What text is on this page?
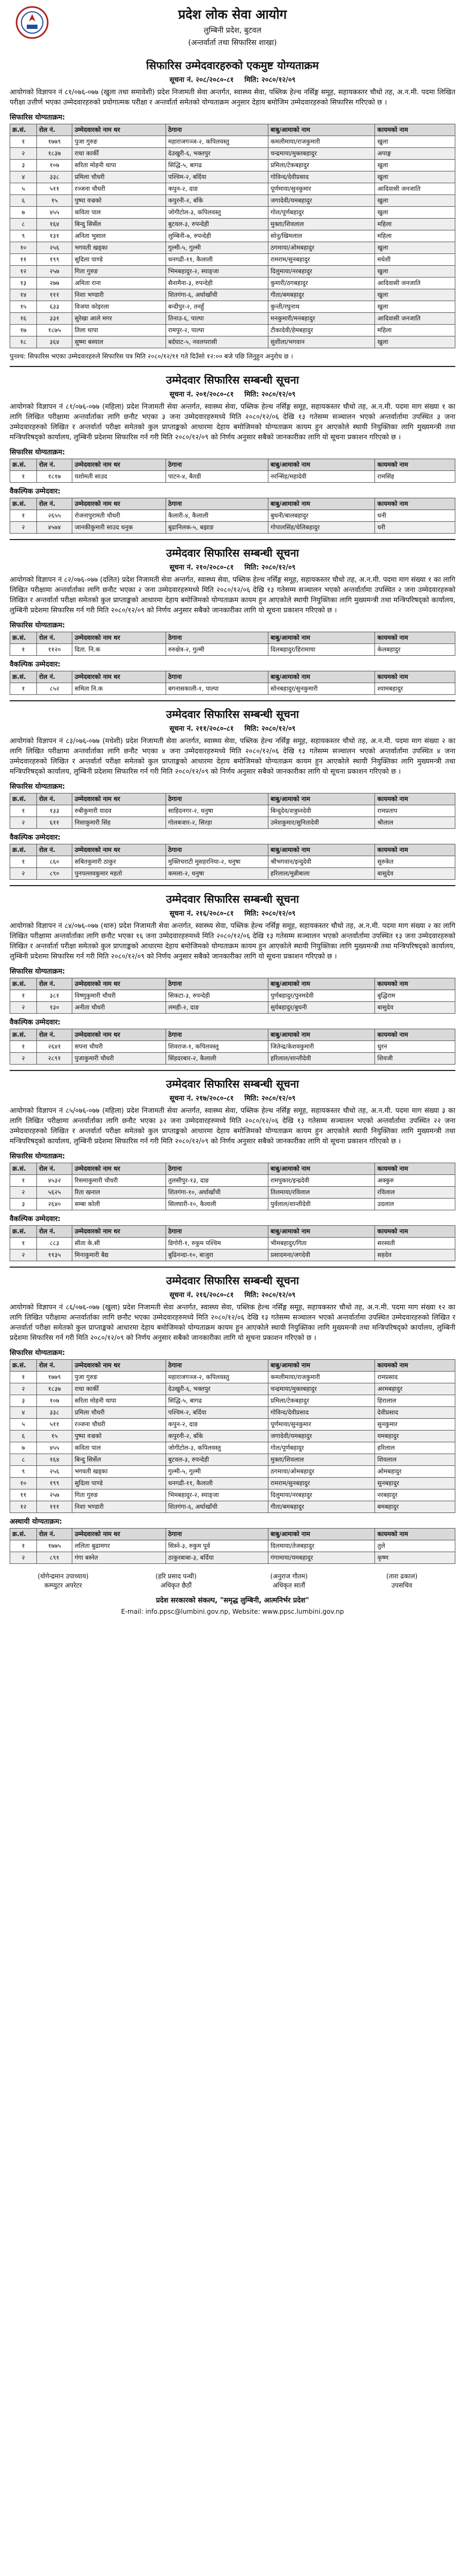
प्रदेश लोक सेवा आयोग
लुम्बिनी प्रदेश, बुटवल
(अन्तर्वार्ता तथा सिफारिस शाखा)
सिफारिस उम्मेदवारहरुको एकमुष्ट योग्यताक्रम
सूचना नं. २०८/२०८०-८१ मिति: २०८०/१२/०९

आयोगको विज्ञापन नं ८१/०७६-०७७ (खुला तथा समावेशी) प्रदेश निजामती सेवा अन्तर्गत, स्वास्थ्य सेवा, पब्लिक हेल्थ नर्सिङ्ग समूह, सहायकस्तर चौथो तह, अ.न.मी. पदमा लिखित परीक्षा उत्तीर्ण भएका उम्मेदवारहरुको प्रयोगात्मक परीक्षा र अन्तर्वार्ता समेतको योग्यताक्रम अनुसार देहाय बमोजिम उम्मेदवारहरुको सिफारिस गरिएको छ ।

सिफारिस योग्यताक्रम:
क्र.सं.	रोल नं.	उम्मेदवारको नाम थर	ठेगाना	बाबु/आमाको नाम	कायमको नाम
१	१७७९	पुजा गुरुङ	महाराजगञ्ज-२, कपिलवस्तु	कमलीमाया/राजकुमारी	खुला
२	१८३७	राधा कार्की	देउखुरी-६, भक्तपुर	चन्द्रमाया/मुक्तबहादुर	अपाङ्ग
३	१०७	सरिता मोहनी थापा	सिद्धि-५, बागढ	प्रमिला/टेकबहादुर	खुला
४	३३८	प्रमिला चौधरी	पश्चिम-२, बर्दिया	गोविन्द/देवीप्रसाद	खुला
५	५११	रञ्जना चौधरी	कपुन-२, दाङ	पूर्णमाया/सुनकुमार	आदिवासी जनजाति
६	१५	पुष्पा वज्रको	कपुरनी-२, बाँके	जगादेवी/यमबहादुर	खुला
७	४५५	कविता पाल	जोगीटोल-३, कपिलवस्तु	गोल/पूर्णबहादुर	खुला
८	१६४	बिन्दु सिर्सेल	बुटवल-३, रुपन्देही	मुक्ता/शिवलाल	महिला
९	१३१	अनिता भुसाल	लुम्बिनी-७, रुपन्देही	सोनु/खिमलाल	महिला
१०	२५६	भगवती खड्का	गुल्मी-५, गुल्मी	ठगमाया/ओमबहादुर	खुला
११	१९९	सुदिला पाण्डे	धनगढी-११, कैलाली	रामराम/सुनबहादुर	मधेशी
१२	२५७	गिता गुरुङ	भिमबहादुर-२, स्याङ्जा	दिलुमाया/नरबहादुर	खुला
१३	२७७	अमिता राना	सैनामैना-३, रुपन्देही	कुमारी/ठगबहादुर	आदिवासी जनजाति
१४	१११	निशा भण्डारी	शितगंगा-६, अर्घाखाँची	गीता/बमबहादुर	खुला
१५	६३३	विजया कोइरला	बन्दीपुर-२, तनहुँ	कुन्ती/रघुनाथ	खुला
१६	३३१	सुरेखा आले मगर	तिनाउ-६, पाल्पा	मनकुमारी/मनबहादुर	आदिवासी जनजाति
१७	१८७५	तिला थापा	रामपुर-२, पाल्पा	टीकादेवी/हेमबहादुर	महिला
१८	३६४	सुष्मा बस्याल	बर्दघाट-५, नवलपरासी	सुशीला/भगवान	खुला
पुनश्च: सिफारिस भएका उम्मेदवारहरुले सिफारिस पत्र मिति २०८०/१२/११ गते दिउँसो १२:०० बजे पछि लिनुहुन अनुरोध छ ।
उम्मेदवार सिफारिस सम्बन्धी सूचना
सूचना नं. २०१/२०८०-८१ मिति: २०८०/१२/०९

आयोगको विज्ञापन नं ८१/०७६-०७७ (महिला) प्रदेश निजामती सेवा अन्तर्गत, स्वास्थ्य सेवा, पब्लिक हेल्थ नर्सिङ्ग समूह, सहायकस्तर चौथो तह, अ.न.मी. पदमा माग संख्या १ का लागि लिखित परीक्षामा अन्तर्वार्ताका लागि छनौट भएका ३ जना उम्मेदवारहरुमध्ये मिति २०८०/१२/०६ देखि १३ गतेसम्म सञ्चालन भएको अन्तर्वार्तामा उपस्थित ३ जना उम्मेदवारहरुको लिखित र अन्तर्वार्ता परीक्षा समेतको कुल प्राप्ताङ्कको आधारमा देहाय बमोजिमको योग्यताक्रम कायम हुन आएकोले स्थायी नियुक्तिका लागि मुख्यमन्त्री तथा मन्त्रिपरिषद्को कार्यालय, लुम्बिनी प्रदेशमा सिफारिस गर्न गरी मिति २०८०/१२/०९ को निर्णय अनुसार सबैको जानकारीका लागि यो सूचना प्रकाशन गरिएको छ ।

सिफारिस योग्यताक्रम:
क्र.सं.	रोल नं.	उम्मेदवारको नाम थर	ठेगाना	बाबु/आमाको नाम	कायमको नाम
१	१८१७	यशोमती साउद	पाटन-४, बैतडी	नरन्सिंह/महादेवी	रामसिंह
वैकल्पिक उम्मेदवार:
क्र.सं.	रोल नं.	उम्मेदवारको नाम थर	ठेगाना	बाबु/आमाको नाम	कायमको नाम
१	२६५५	रोजनापुरामती चौधरी	कैलारी-४, कैलाली	बुधनी/बालबहादुर	धनी
२	४५७४	जानकीकुमारी साउद धनुक	बुढानिलक-५, बझाङ	गोपालसिंह/धेलिबहादुर	धरी
उम्मेदवार सिफारिस सम्बन्धी सूचना
सूचना नं. २१०/२०८०-८१ मिति: २०८०/१२/०९

आयोगको विज्ञापन नं ८२/०७६-०७७ (दलित) प्रदेश निजामती सेवा अन्तर्गत, स्वास्थ्य सेवा, पब्लिक हेल्थ नर्सिङ्ग समूह, सहायकस्तर चौथो तह, अ.न.मी. पदमा माग संख्या १ का लागि लिखित परीक्षामा अन्तर्वार्ताका लागि छनौट भएका २ जना उम्मेदवारहरुमध्ये मिति २०८०/१२/०६ देखि १३ गतेसम्म सञ्चालन भएको अन्तर्वार्तामा उपस्थित २ जना उम्मेदवारहरुको लिखित र अन्तर्वार्ता परीक्षा समेतको कुल प्राप्ताङ्कको आधारमा देहाय बमोजिमको योग्यताक्रम कायम हुन आएकोले स्थायी नियुक्तिका लागि मुख्यमन्त्री तथा मन्त्रिपरिषद्को कार्यालय, लुम्बिनी प्रदेशमा सिफारिस गर्न गरी मिति २०८०/१२/०९ को निर्णय अनुसार सबैको जानकारीका लागि यो सूचना प्रकाशन गरिएको छ ।

सिफारिस योग्यताक्रम:
क्र.सं.	रोल नं.	उम्मेदवारको नाम थर	ठेगाना	बाबु/आमाको नाम	कायमको नाम
१	११२०	दिता. नि.क	रुरुक्षेत्र-२, गुल्मी	दिलबहादुर/हिरामाया	केलबहादुर
वैकल्पिक उम्मेदवार:
क्र.सं.	रोल नं.	उम्मेदवारको नाम थर	ठेगाना	बाबु/आमाको नाम	कायमको नाम
१	८५२	समिता नि.क	बगनासकाली-१, पाल्पा	सोनबहादुर/सुनकुमारी	श्यामबहादुर
उम्मेदवार सिफारिस सम्बन्धी सूचना
सूचना नं. २११/२०८०-८१ मिति: २०८०/१२/०९

आयोगको विज्ञापन नं ८३/०७६-०७७ (मधेशी) प्रदेश निजामती सेवा अन्तर्गत, स्वास्थ्य सेवा, पब्लिक हेल्थ नर्सिङ्ग समूह, सहायकस्तर चौथो तह, अ.न.मी. पदमा माग संख्या २ का लागि लिखित परीक्षामा अन्तर्वार्ताका लागि छनौट भएका ४ जना उम्मेदवारहरुमध्ये मिति २०८०/१२/०६ देखि १३ गतेसम्म सञ्चालन भएको अन्तर्वार्तामा उपस्थित ४ जना उम्मेदवारहरुको लिखित र अन्तर्वार्ता परीक्षा समेतको कुल प्राप्ताङ्कको आधारमा देहाय बमोजिमको योग्यताक्रम कायम हुन आएकोले स्थायी नियुक्तिका लागि मुख्यमन्त्री तथा मन्त्रिपरिषद्को कार्यालय, लुम्बिनी प्रदेशमा सिफारिस गर्न गरी मिति २०८०/१२/०९ को निर्णय अनुसार सबैको जानकारीका लागि यो सूचना प्रकाशन गरिएको छ ।

सिफारिस योग्यताक्रम:
क्र.सं.	रोल नं.	उम्मेदवारको नाम थर	ठेगाना	बाबु/आमाको नाम	कायमको नाम
१	१३३	रुबीकुमारी यादव	साहिदनगर-२, धनुषा	बिन्दुदेव/शत्रुघ्नदेवी	रामप्रताप
२	६११	निसाकुमारी सिंह	गोलबजार-२, सिरहा	उमेशकुमार/सुनितादेवी	श्रीलाल
वैकल्पिक उम्मेदवार:
क्र.सं.	रोल नं.	उम्मेदवारको नाम थर	ठेगाना	बाबु/आमाको नाम	कायमको नाम
१	८६०	सबितकुमारी ठाकुर	मुक्तिचराटी मुसहरनिया-२, धनुषा	श्रीभगवान/इन्दुदेवी	सुरुकेत
२	८९०	पुनपल्लवकुमार महतो	कमला-२, धनुषा	हरिलाल/मुन्नीबाला	बासुदेव
उम्मेदवार सिफारिस सम्बन्धी सूचना
सूचना नं. २१६/२०८०-८१ मिति: २०८०/१२/०९

आयोगको विज्ञापन नं ८४/०७६-०७७ (थारु) प्रदेश निजामती सेवा अन्तर्गत, स्वास्थ्य सेवा, पब्लिक हेल्थ नर्सिङ्ग समूह, सहायकस्तर चौथो तह, अ.न.मी. पदमा माग संख्या २ का लागि लिखित परीक्षामा अन्तर्वार्ताका लागि छनौट भएका १६ जना उम्मेदवारहरुमध्ये मिति २०८०/१२/०६ देखि १३ गतेसम्म सञ्चालन भएको अन्तर्वार्तामा उपस्थित १३ जना उम्मेदवारहरुको लिखित र अन्तर्वार्ता परीक्षा समेतको कुल प्राप्ताङ्कको आधारमा देहाय बमोजिमको योग्यताक्रम कायम हुन आएकोले स्थायी नियुक्तिका लागि मुख्यमन्त्री तथा मन्त्रिपरिषद्को कार्यालय, लुम्बिनी प्रदेशमा सिफारिस गर्न गरी मिति २०८०/१२/०९ को निर्णय अनुसार सबैको जानकारीका लागि यो सूचना प्रकाशन गरिएको छ ।

सिफारिस योग्यताक्रम:
क्र.सं.	रोल नं.	उम्मेदवारको नाम थर	ठेगाना	बाबु/आमाको नाम	कायमको नाम
१	३८१	विष्णुकुमारी चौधरी	सिकटा-३, रुपन्देही	पुर्णबहादुर/पुनमदेवी	बुद्धिराम
२	१३०	अनीता चौधरी	लमही-२, दाङ	सुर्यबहादुर/बुधनी	बासुदेव
वैकल्पिक उम्मेदवार:
क्र.सं.	रोल नं.	उम्मेदवारको नाम थर	ठेगाना	बाबु/आमाको नाम	कायमको नाम
१	२६४१	सपना चौधरी	शिवराज-१, कपिलवस्तु	जितेन्द्र/केशवकुमारी	धुरन
२	२८९१	पुजाकुमारी चौधरी	सिंहदरबार-२, कैलाली	हरिलाल/शान्तीदेवी	शिवजी
उम्मेदवार सिफारिस सम्बन्धी सूचना
सूचना नं. २१७/२०८०-८१ मिति: २०८०/१२/०९

आयोगको विज्ञापन नं ८५/०७६-०७७ (महिला) प्रदेश निजामती सेवा अन्तर्गत, स्वास्थ्य सेवा, पब्लिक हेल्थ नर्सिङ्ग समूह, सहायकस्तर चौथो तह, अ.न.मी. पदमा माग संख्या ३ का लागि लिखित परीक्षामा अन्तर्वार्ताका लागि छनौट भएका ३२ जना उम्मेदवारहरुमध्ये मिति २०८०/१२/०६ देखि १३ गतेसम्म सञ्चालन भएको अन्तर्वार्तामा उपस्थित २२ जना उम्मेदवारहरुको लिखित र अन्तर्वार्ता परीक्षा समेतको कुल प्राप्ताङ्कको आधारमा देहाय बमोजिमको योग्यताक्रम कायम हुन आएकोले स्थायी नियुक्तिका लागि मुख्यमन्त्री तथा मन्त्रिपरिषद्को कार्यालय, लुम्बिनी प्रदेशमा सिफारिस गर्न गरी मिति २०८०/१२/०९ को निर्णय अनुसार सबैको जानकारीका लागि यो सूचना प्रकाशन गरिएको छ ।

सिफारिस योग्यताक्रम:
क्र.सं.	रोल नं.	उम्मेदवारको नाम थर	ठेगाना	बाबु/आमाको नाम	कायमको नाम
१	४५३२	रिसमाकुमारी चौधरी	तुलसीपुर-१३, दाङ	रामपुकार/इन्द्रदेवी	अक्कुरु
२	५६२५	रिता खनाल	शितगंगा-१०, अर्घाखाँची	तिलमाया/रविलाल	रविलाल
३	२६४०	सम्बा कोली	सिलघारी-१०, कैलाली	पुर्वलाल/शान्तीदेवी	उदलाल
वैकल्पिक उम्मेदवार:
क्र.सं.	रोल नं.	उम्मेदवारको नाम थर	ठेगाना	बाबु/आमाको नाम	कायमको नाम
१	८८३	सीता के.सी	डिगोरी-१, रुकुम पश्चिम	भीमबहादुर/गिता	सरस्वती
२	११३५	मिनाकुमारी बैद्य	बुढिनन्दा-१०, बाजुरा	प्रसादमना/जगदेवी	सहदेव
उम्मेदवार सिफारिस सम्बन्धी सूचना
सूचना नं. २१६/२०८०-८१ मिति: २०८०/१२/०९

आयोगको विज्ञापन नं ८६/०७६-०७७ (खुला) प्रदेश निजामती सेवा अन्तर्गत, स्वास्थ्य सेवा, पब्लिक हेल्थ नर्सिङ्ग समूह, सहायकस्तर चौथो तह, अ.न.मी. पदमा माग संख्या १२ का लागि लिखित परीक्षामा अन्तर्वार्ताका लागि छनौट भएका उम्मेदवारहरुमध्ये मिति २०८०/१२/०६ देखि १३ गतेसम्म सञ्चालन भएको अन्तर्वार्तामा उपस्थित उम्मेदवारहरुको लिखित र अन्तर्वार्ता परीक्षा समेतको कुल प्राप्ताङ्कको आधारमा देहाय बमोजिमको योग्यताक्रम कायम हुन आएकोले स्थायी नियुक्तिका लागि मुख्यमन्त्री तथा मन्त्रिपरिषद्को कार्यालय, लुम्बिनी प्रदेशमा सिफारिस गर्न गरी मिति २०८०/१२/०९ को निर्णय अनुसार सबैको जानकारीका लागि यो सूचना प्रकाशन गरिएको छ ।

सिफारिस योग्यताक्रम:
क्र.सं.	रोल नं.	उम्मेदवारको नाम थर	ठेगाना	बाबु/आमाको नाम	कायमको नाम
१	१७७९	पुजा गुरुङ	महाराजगञ्ज-२, कपिलवस्तु	कमलीमाया/राजकुमारी	रामप्रसाद
२	१८३७	राधा कार्की	देउखुरी-६, भक्तपुर	चन्द्रमाया/मुक्तबहादुर	अरमबहादुर
३	१०७	सरिता मोहनी थापा	सिद्धि-५, बागढ	प्रमिला/टेकबहादुर	हिरालाल
४	३३८	प्रमिला चौधरी	पश्चिम-२, बर्दिया	गोविन्द/देवीप्रसाद	देवीप्रसाद
५	५११	रञ्जना चौधरी	कपुन-२, दाङ	पूर्णमाया/सुनकुमार	सुनकुमार
६	१५	पुष्पा वज्रको	कपुरनी-२, बाँके	जगादेवी/यमबहादुर	यमबहादुर
७	४५५	कविता पाल	जोगीटोल-३, कपिलवस्तु	गोल/पूर्णबहादुर	हरिलाल
८	१६४	बिन्दु सिर्सेल	बुटवल-३, रुपन्देही	मुक्ता/शिवलाल	शिवलाल
९	२५६	भगवती खड्का	गुल्मी-५, गुल्मी	ठगमाया/ओमबहादुर	ओमबहादुर
१०	१९९	सुदिला पाण्डे	धनगढी-११, कैलाली	रामराम/सुनबहादुर	सुनबहादुर
११	२५७	गिता गुरुङ	भिमबहादुर-२, स्याङ्जा	दिलुमाया/नरबहादुर	नरबहादुर
१२	१११	निशा भण्डारी	शितगंगा-६, अर्घाखाँची	गीता/बमबहादुर	बमबहादुर
अस्थायी योग्यताक्रम:
क्र.सं.	रोल नं.	उम्मेदवारको नाम थर	ठेगाना	बाबु/आमाको नाम	कायमको नाम
१	१७७५	ललिता बुढामगर	सिस्ने-३, रुकुम पूर्व	दिलमाया/तेजबहादुर	तुले
२	८९१	गंगा बस्नेत	ठाकुरबाबा-३, बर्दिया	गंगामाया/यमबहादुर	कृष्ण
(योगेन्द्रमान उपाध्याय)
कम्प्युटर अपरेटर
(हरि प्रसाद पन्थी)
अधिकृत छैठौं
(अनुराज गौतम)
अधिकृत सातौं
(तारा ढकाल)
उपसचिव
प्रदेश सरकारको संकल्प, "समृद्ध लुम्बिनी, आत्मनिर्भर प्रदेश"
E-mail: info.ppsc@lumbini.gov.np, Website: www.ppsc.lumbini.gov.np
